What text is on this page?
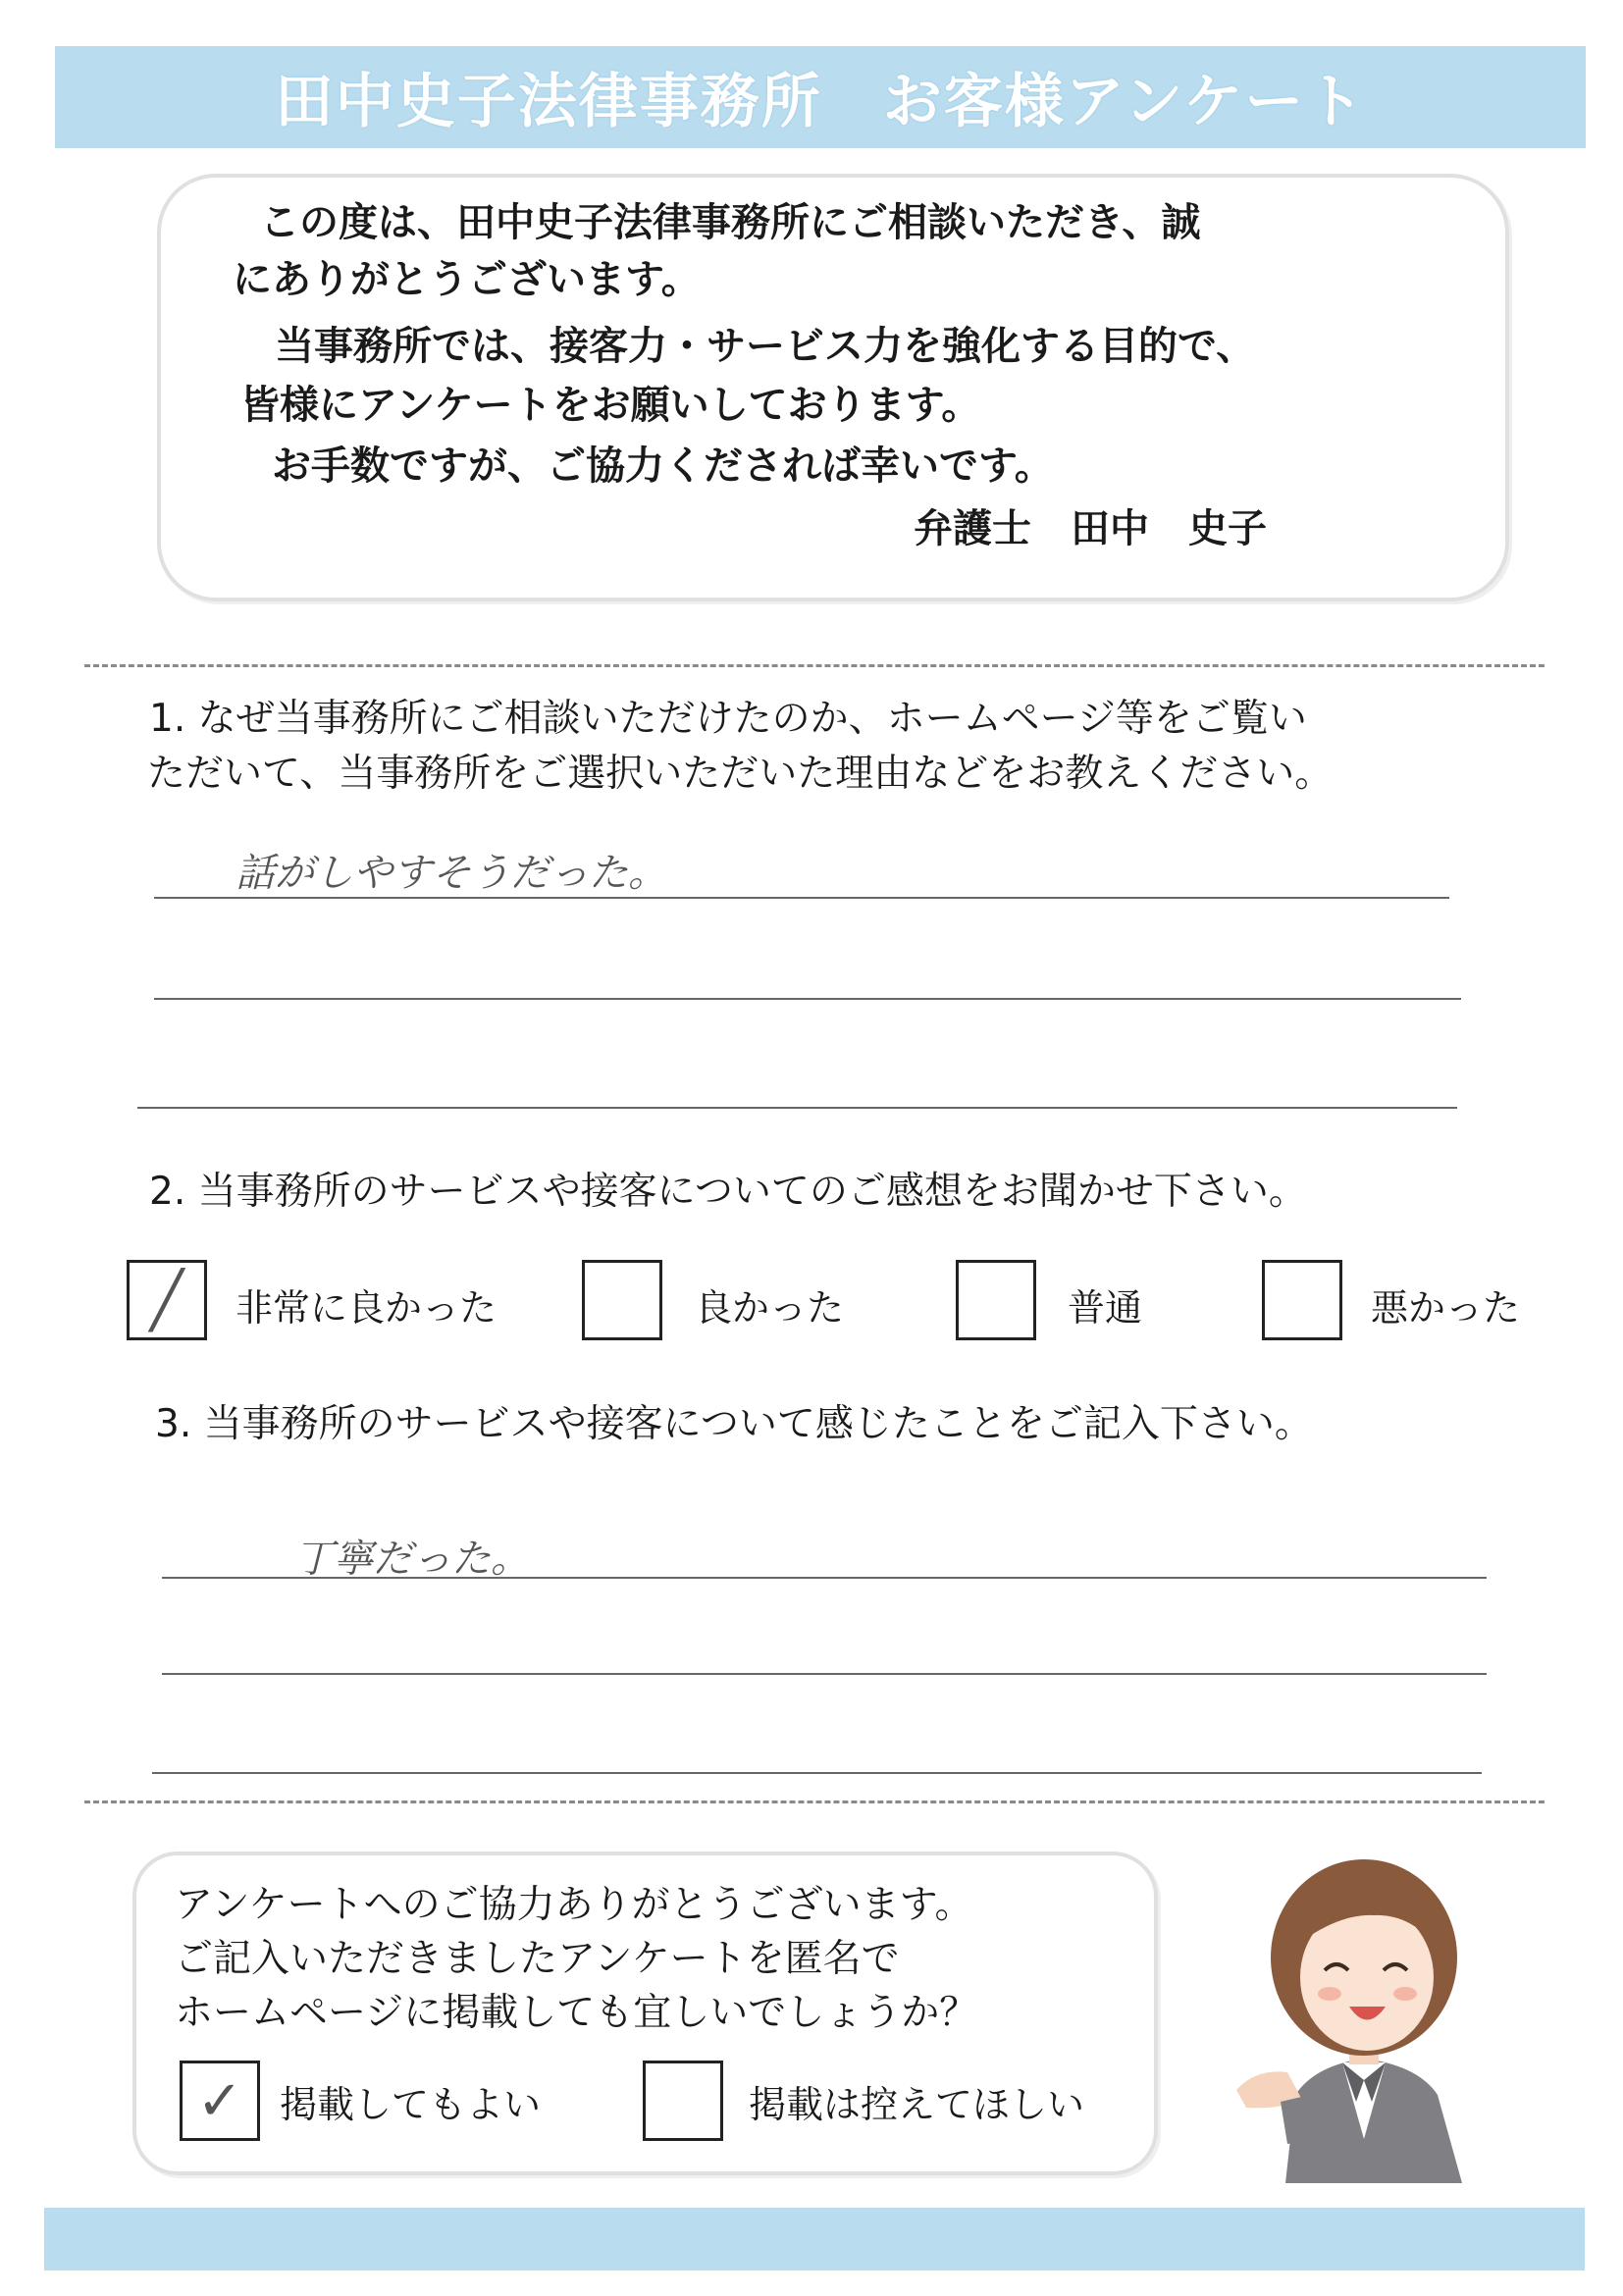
田中史子法律事務所　お客様アンケート
この度は、田中史子法律事務所にご相談いただき、誠
にありがとうございます。
当事務所では、接客力・サービス力を強化する目的で、
皆様にアンケートをお願いしております。
お手数ですが、ご協力くだされば幸いです。
弁護士　田中　史子
1. なぜ当事務所にご相談いただけたのか、ホームページ等をご覧い
ただいて、当事務所をご選択いただいた理由などをお教えください。
話がしやすそうだった。
2. 当事務所のサービスや接客についてのご感想をお聞かせ下さい。
╱	非常に良かった	良かった	普通	悪かった
3. 当事務所のサービスや接客について感じたことをご記入下さい。
丁寧だった。
アンケートへのご協力ありがとうございます。
ご記入いただきましたアンケートを匿名で
ホームページに掲載しても宜しいでしょうか？
✓ 掲載してもよい	掲載は控えてほしい
